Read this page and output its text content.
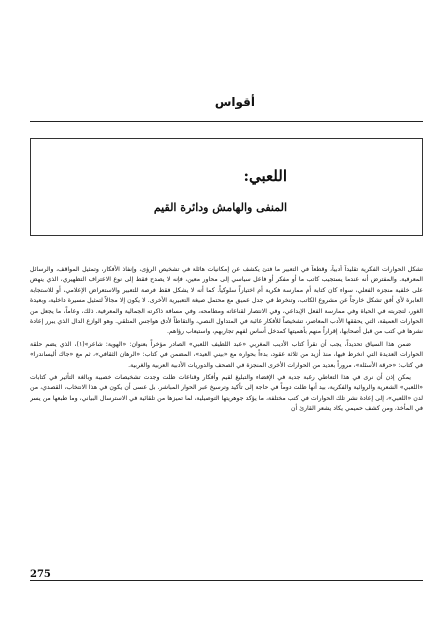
أقواس
اللعبي:
المنفى والهامش ودائرة القيم

تشكل الحوارات الفكرية تقليداً أدبياً، وقطعاً في التعبير ما فتئ يكشف عن إمكانيات هائلة في تشخيص الرؤى، وإنفاذ الأفكار، وتمثيل المواقف، والرسائل المعرفية. والمفترض أنه عندما يستجيب كاتب ما أو مفكر أو فاعل سياسي إلى محاور معين، فإنه لا يصدح فقط إلى نوع الاعتراف التظهيري، الذي ينهض على خلفية منجزه الفعلي، سواء كان كتابة أم ممارسة فكرية أم اختياراً سلوكياً. كما أنه لا يشكل فقط فرصة للتعبير والاستعراض الإعلامي، أو للاستجابة العابرة لأي أفق تشكل خارجاً عن مشروع الكاتب، وتنخرط في جدل عميق مع محتمل صيغة التعبيرية الأخرى. لا يكون إلا مجالاً لتمثيل مسيرة داخلية، وبعيدة الغور، لتجربته في الحياة وفي ممارسة الفعل الإبداعي، وفي الانتصار لقناعاته ومطامحه، وفي مسافة ذاكرته الجمالية والمعرفية. ذلك، وعاماً، ما يجعل من الحوارات العميقة، التي يحققها الأدب المعاصر، تشخيصاً للأفكار غائبة في المتداول النصي، والتقاطاً لأدق هواجس المتلقي. وهو الوازع الدال الذي يبرر إعادة نشرها في كتب من قبل أصحابها، إقراراً منهم بأهميتها كمدخل أساس لفهم تجاربهم، واستيعاب رؤاهم.

ضمن هذا السياق تحديداً، يجب أن نقرأ كتاب الأديب المغربي «عبد اللطيف اللعبي» الصادر مؤخراً بعنوان: «الهوية: شاعر»(١)، الذي يضم حلقة الحوارات العديدة التي انخرط فيها، منذ أزيد من ثلاثة عقود، بدءاً بحواره مع «بيني العيد»، المضمن في كتاب: «الرهان الثقافي»، ثم مع «جاك أليساندرا» في كتاب: «حرقة الأسئلة»، مروراً بعديد من الحوارات الأخرى المنجزة في الصحف والدوريات الأدبية العربية والغربية.

يمكن إذن أن نرى في هذا التعاطي رغبة جدية في الإفضاء والتبليغ لقيم وأفكار وقناعات ظلت وجدت تشخيصات خصيبة وبالغة التأثير في كتابات «اللعبي» الشعرية والروائية والفكرية، بيد أنها ظلت دوماً في حاجة إلى تأكيد وترسيخ عبر الحوار المباشر. بل عسى أن يكون في هذا الانتخاب، القصدي، من لدن «اللعبي»، إلى إعادة نشر تلك الحوارات في كتب مختلفة، ما يؤكد جوهريتها التوصيلية، لما تميزها من تلقائية في الاسترسال البياني، وما طبعها من يسر في المأخذ، ومن كشف حميمي يكاد يشعر القارئ أن

275
